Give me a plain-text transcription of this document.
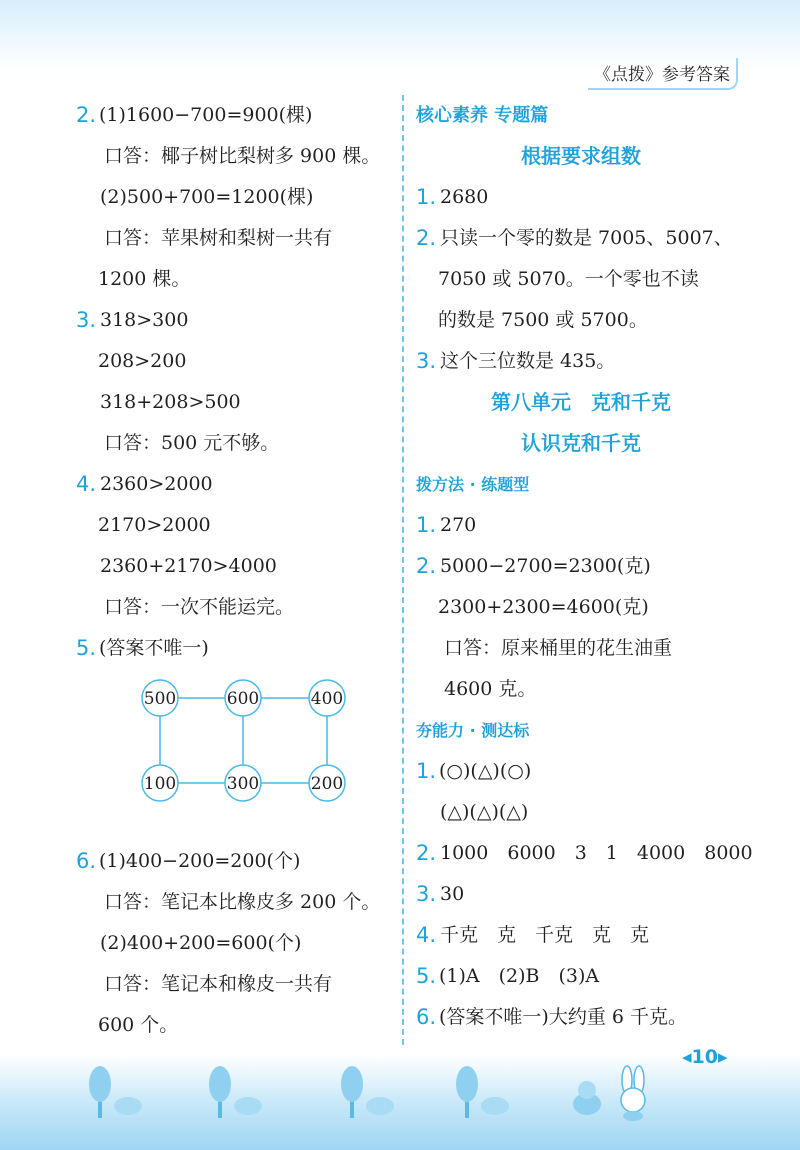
《点拨》参考答案
2. (1)1600−700=900(棵)
口答：椰子树比梨树多 900 棵。
(2)500+700=1200(棵)
口答：苹果树和梨树一共有
1200 棵。
3. 318>300
208>200
318+208>500
口答：500 元不够。
4. 2360>2000
2170>2000
2360+2170>4000
口答：一次不能运完。
5. (答案不唯一)
500	600	400
100	300	200
6. (1)400−200=200(个)
口答：笔记本比橡皮多 200 个。
(2)400+200=600(个)
口答：笔记本和橡皮一共有
600 个。
核心素养 专题篇
根据要求组数
1. 2680
2. 只读一个零的数是 7005、5007、
7050 或 5070。一个零也不读
的数是 7500 或 5700。
3. 这个三位数是 435。
第八单元　克和千克
认识克和千克
拨方法 · 练题型
1. 270
2. 5000−2700=2300(克)
2300+2300=4600(克)
口答：原来桶里的花生油重
4600 克。
夯能力 · 测达标
1. (○)(△)(○)
(△)(△)(△)
2. 1000　6000　3　1　4000　8000
3. 30
4. 千克　克　千克　克　克
5. (1)A　(2)B　(3)A
6. (答案不唯一)大约重 6 千克。
◂10▸
